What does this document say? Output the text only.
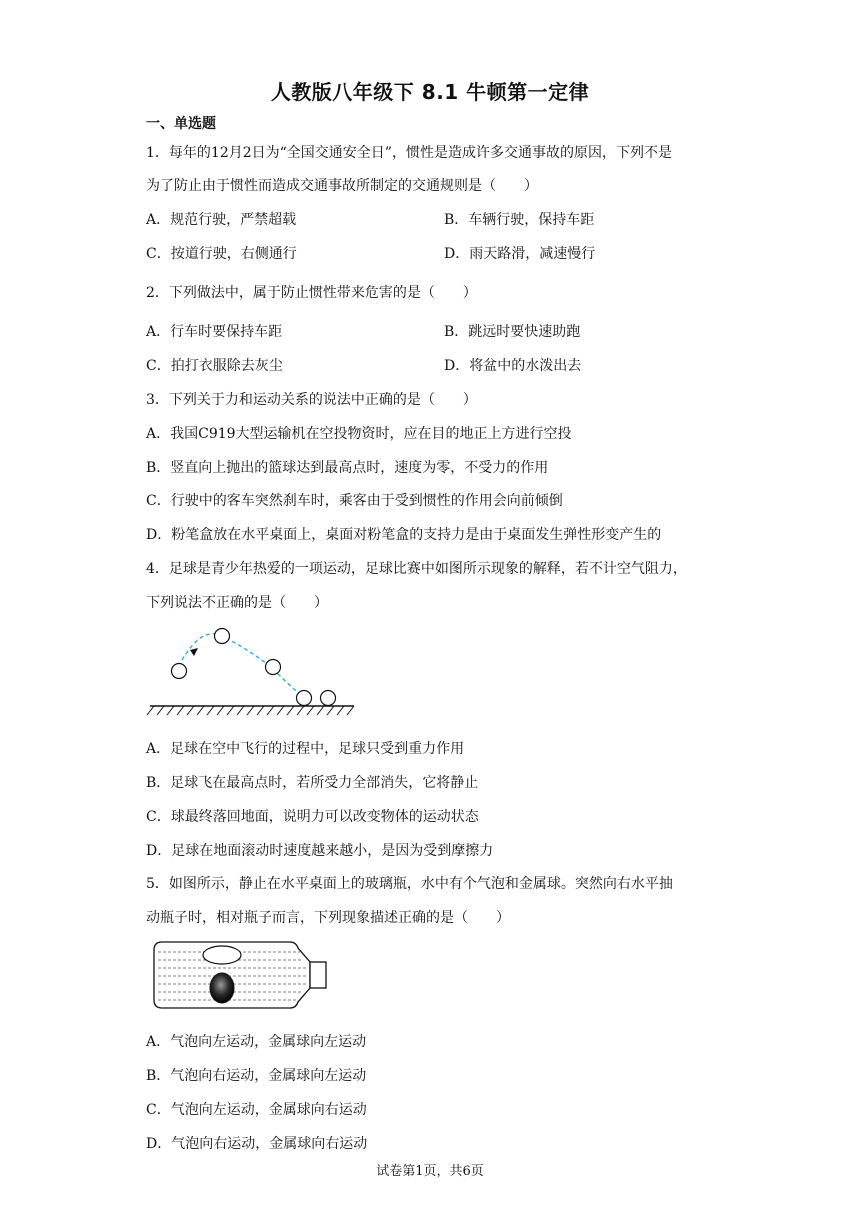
人教版八年级下 8.1 牛顿第一定律
一、单选题
1．每年的12月2日为“全国交通安全日”，惯性是造成许多交通事故的原因，下列不是
为了防止由于惯性而造成交通事故所制定的交通规则是（　　）
A．规范行驶，严禁超载	B．车辆行驶，保持车距
C．按道行驶，右侧通行	D．雨天路滑，减速慢行
2．下列做法中，属于防止惯性带来危害的是（　　）
A．行车时要保持车距	B．跳远时要快速助跑
C．拍打衣服除去灰尘	D．将盆中的水泼出去
3．下列关于力和运动关系的说法中正确的是（　　）
A．我国C919大型运输机在空投物资时，应在目的地正上方进行空投
B．竖直向上抛出的篮球达到最高点时，速度为零，不受力的作用
C．行驶中的客车突然刹车时，乘客由于受到惯性的作用会向前倾倒
D．粉笔盒放在水平桌面上，桌面对粉笔盒的支持力是由于桌面发生弹性形变产生的
4．足球是青少年热爱的一项运动，足球比赛中如图所示现象的解释，若不计空气阻力，
下列说法不正确的是（　　）
A．足球在空中飞行的过程中，足球只受到重力作用
B．足球飞在最高点时，若所受力全部消失，它将静止
C．球最终落回地面，说明力可以改变物体的运动状态
D．足球在地面滚动时速度越来越小，是因为受到摩擦力
5．如图所示，静止在水平桌面上的玻璃瓶，水中有个气泡和金属球。突然向右水平抽
动瓶子时，相对瓶子而言，下列现象描述正确的是（　　）
A．气泡向左运动，金属球向左运动
B．气泡向右运动，金属球向左运动
C．气泡向左运动，金属球向右运动
D．气泡向右运动，金属球向右运动
试卷第1页，共6页
